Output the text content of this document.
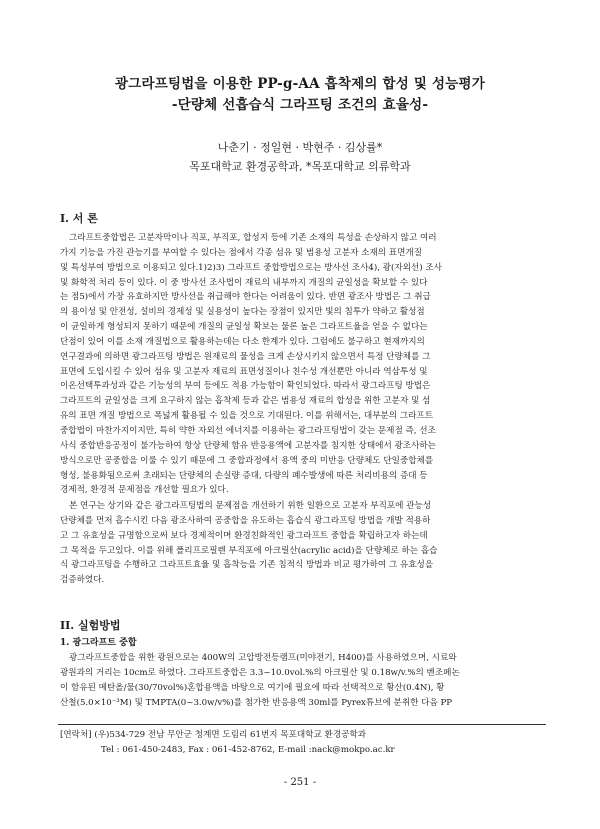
광그라프팅법을 이용한 PP-g-AA 흡착제의 합성 및 성능평가
-단량체 선흡습식 그라프팅 조건의 효율성-
나춘기 · 정일현 · 박현주 · 김상률*
목포대학교 환경공학과, *목포대학교 의류학과
I. 서 론
그라프트중합법은 고분자막이나 직포, 부직포, 합성지 등에 기존 소재의 특성을 손상하지 않고 여러
가지 기능을 가진 관능기를 부여할 수 있다는 점에서 각종 섬유 및 범용성 고분자 소재의 표면개질
및 특성부여 방법으로 이용되고 있다.1)2)3) 그라프트 중합방법으로는 방사선 조사4), 광(자외선) 조사
및 화학적 처리 등이 있다. 이 중 방사선 조사법이 재료의 내부까지 개질의 균일성을 확보할 수 있다
는 점5)에서 가장 유효하지만 방사선을 취급해야 한다는 어려움이 있다. 반면 광조사 방법은 그 취급
의 용이성 및 안전성, 설비의 경제성 및 실용성이 높다는 장점이 있지만 빛의 침투가 약하고 활성점
이 균일하게 형성되지 못하기 때문에 개질의 균일성 확보는 물론 높은 그라프트율을 얻을 수 없다는
단점이 있어 이를 소재 개질법으로 활용하는데는 다소 한계가 있다. 그럼에도 불구하고 현재까지의
연구결과에 의하면 광그라프팅 방법은 원재료의 물성을 크게 손상시키지 않으면서 특정 단량체를 그
표면에 도입시킬 수 있어 섬유 및 고분자 재료의 표면성질이나 친수성 개선뿐만 아니라 역삼투성 및
이온선택투과성과 같은 기능성의 부여 등에도 적용 가능함이 확인되었다. 따라서 광그라프팅 방법은
그라프트의 균일성을 크게 요구하지 않는 흡착제 등과 같은 범용성 재료의 합성을 위한 고분자 및 섬
유의 표면 개질 방법으로 폭넓게 활용될 수 있을 것으로 기대된다. 이를 위해서는, 대부분의 그라프트
중합법이 마찬가지이지만, 특히 약한 자외선 에너지를 이용하는 광그라프팅법이 갖는 문제점 즉, 선조
사식 중합반응공정이 불가능하여 항상 단량체 함유 반응용액에 고분자를 침지한 상태에서 광조사하는
방식으로만 공중합을 이룰 수 있기 때문에 그 중합과정에서 용액 중의 미반응 단량체도 단일중합체를
형성, 불용화됨으로써 초래되는 단량체의 손실량 증대, 다량의 폐수발생에 따른 처리비용의 증대 등
경제적, 환경적 문제점을 개선할 필요가 있다.
본 연구는 상기와 같은 광그라프팅법의 문제점을 개선하기 위한 일환으로 고분자 부직포에 관능성
단량체를 먼저 흡수시킨 다음 광조사하여 공중합을 유도하는 흡습식 광그라프팅 방법을 개발 적용하
고 그 유효성을 규명함으로써 보다 경제적이며 환경친화적인 광그라프트 중합을 확립하고자 하는데
그 목적을 두고있다. 이를 위해 폴리프로필렌 부직포에 아크릴산(acrylic acid)을 단량체로 하는 흡습
식 광그라프팅을 수행하고 그라프트효율 및 흡착능을 기존 침적식 방법과 비교 평가하여 그 유효성을
검증하였다.
II. 실험방법
1. 광그라프트 중합
광그라프트중합을 위한 광원으로는 400W의 고압방전등램프(미야전기, H400)를 사용하였으며, 시료와
광원과의 거리는 10cm로 하였다. 그라프트중합은 3.3~10.0vol.%의 아크릴산 및 0.18w/v.%의 벤조페논
이 함유된 메탄올/물(30/70vol%)혼합용액을 바탕으로 여기에 필요에 따라 선택적으로 황산(0.4N), 황
산철(5.0×10⁻³M) 및 TMPTA(0~3.0w/v%)를 첨가한 반응용액 30ml를 Pyrex튜브에 분취한 다음 PP
[연락처] (우)534-729 전남 무안군 청계면 도림리 61번지 목포대학교 환경공학과
Tel : 061-450-2483, Fax : 061-452-8762, E-mail :nack@mokpo.ac.kr
- 251 -
